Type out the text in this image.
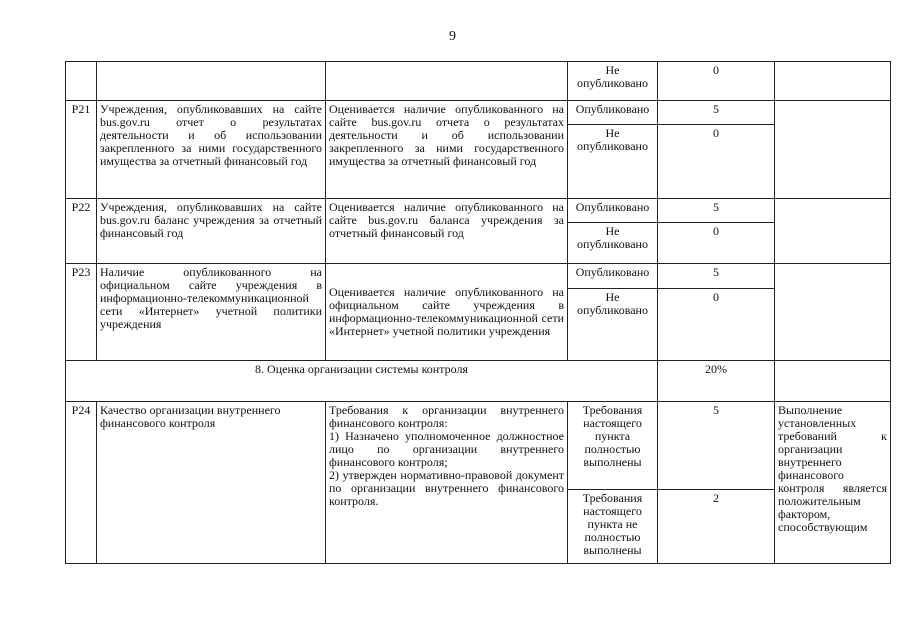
9
			Не опубликовано	0	
Р21	Учреждения, опубликовавших на сайте bus.gov.ru отчет о результатах деятельности и об использовании закрепленного за ними государственного имущества за отчетный финансовый год	Оценивается наличие опубликованного на сайте bus.gov.ru отчета о результатах деятельности и об использовании закрепленного за ними государственного имущества за отчетный финансовый год	Опубликовано	5	
			Не опубликовано	0	
Р22	Учреждения, опубликовавших на сайте bus.gov.ru баланс учреждения за отчетный финансовый год	Оценивается наличие опубликованного на сайте bus.gov.ru баланса учреждения за отчетный финансовый год	Опубликовано	5	
			Не опубликовано	0	
Р23	Наличие опубликованного на официальном сайте учреждения в информационно-телекоммуникационной сети «Интернет» учетной политики учреждения	Оценивается наличие опубликованного на официальном сайте учреждения в информационно-телекоммуникационной сети «Интернет» учетной политики учреждения	Опубликовано	5	
			Не опубликовано	0	
8. Оценка организации системы контроля				20%	
Р24	Качество организации внутреннего финансового контроля	Требования к организации внутреннего финансового контроля:
1) Назначено уполномоченное должностное лицо по организации внутреннего финансового контроля;
2) утвержден нормативно-правовой документ по организации внутреннего финансового контроля.	Требования настоящего пункта полностью выполнены	5	Выполнение установленных требований к организации внутреннего финансового контроля является положительным фактором, способствующим
			Требования настоящего пункта не полностью выполнены	2	
